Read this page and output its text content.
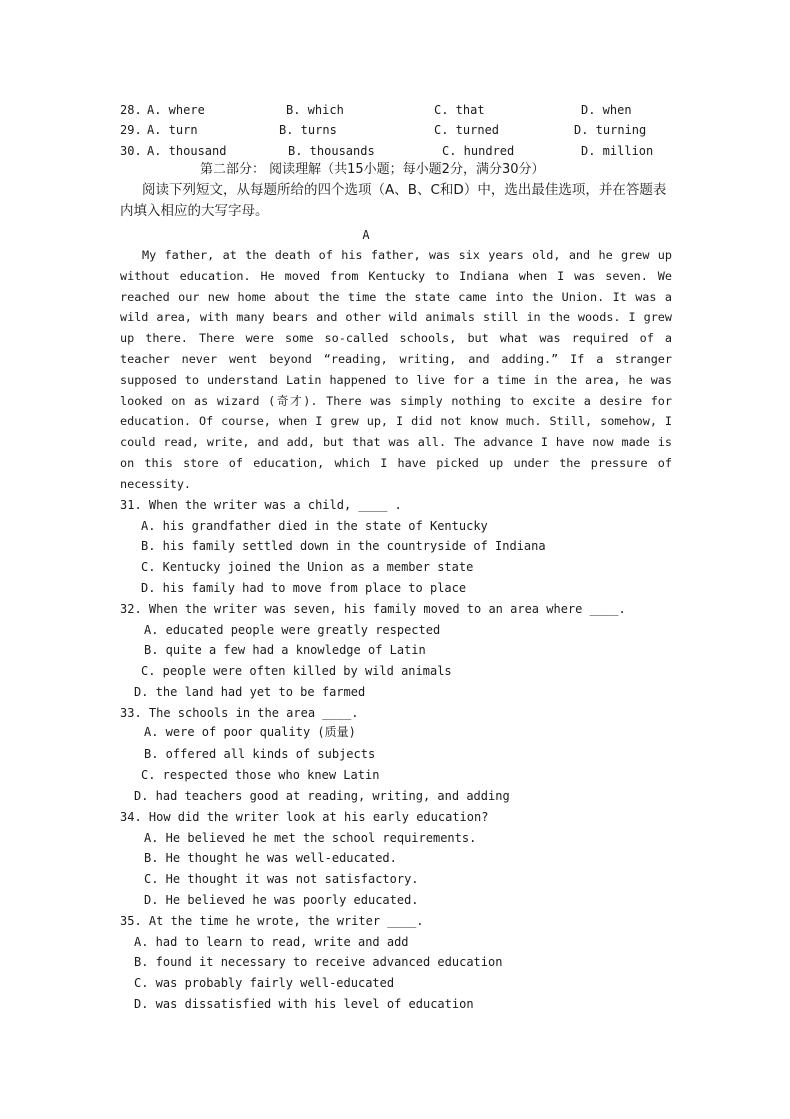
28. A. where	B. which	C. that	D. when
29. A. turn	B. turns	C. turned	D. turning
30. A. thousand	B. thousands	C. hundred	D. million
第二部分： 阅读理解（共15小题；每小题2分，满分30分）
阅读下列短文，从每题所给的四个选项（A、B、C和D）中，选出最佳选项，并在答题表内填入相应的大写字母。
A
My father, at the death of his father, was six years old, and he grew up without education. He moved from Kentucky to Indiana when I was seven. We reached our new home about the time the state came into the Union. It was a wild area, with many bears and other wild animals still in the woods. I grew up there. There were some so-called schools, but what was required of a teacher never went beyond “reading, writing, and adding.” If a stranger supposed to understand Latin happened to live for a time in the area, he was looked on as wizard (奇才). There was simply nothing to excite a desire for education. Of course, when I grew up, I did not know much. Still, somehow, I could read, write, and add, but that was all. The advance I have now made is on this store of education, which I have picked up under the pressure of necessity.
31. When the writer was a child, ____ .
A. his grandfather died in the state of Kentucky
B. his family settled down in the countryside of Indiana
C. Kentucky joined the Union as a member state
D. his family had to move from place to place
32. When the writer was seven, his family moved to an area where ____.
A. educated people were greatly respected
B. quite a few had a knowledge of Latin
C. people were often killed by wild animals
D. the land had yet to be farmed
33. The schools in the area ____.
A. were of poor quality (质量)
B. offered all kinds of subjects
C. respected those who knew Latin
D. had teachers good at reading, writing, and adding
34. How did the writer look at his early education?
A. He believed he met the school requirements.
B. He thought he was well-educated.
C. He thought it was not satisfactory.
D. He believed he was poorly educated.
35. At the time he wrote, the writer ____.
A. had to learn to read, write and add
B. found it necessary to receive advanced education
C. was probably fairly well-educated
D. was dissatisfied with his level of education
